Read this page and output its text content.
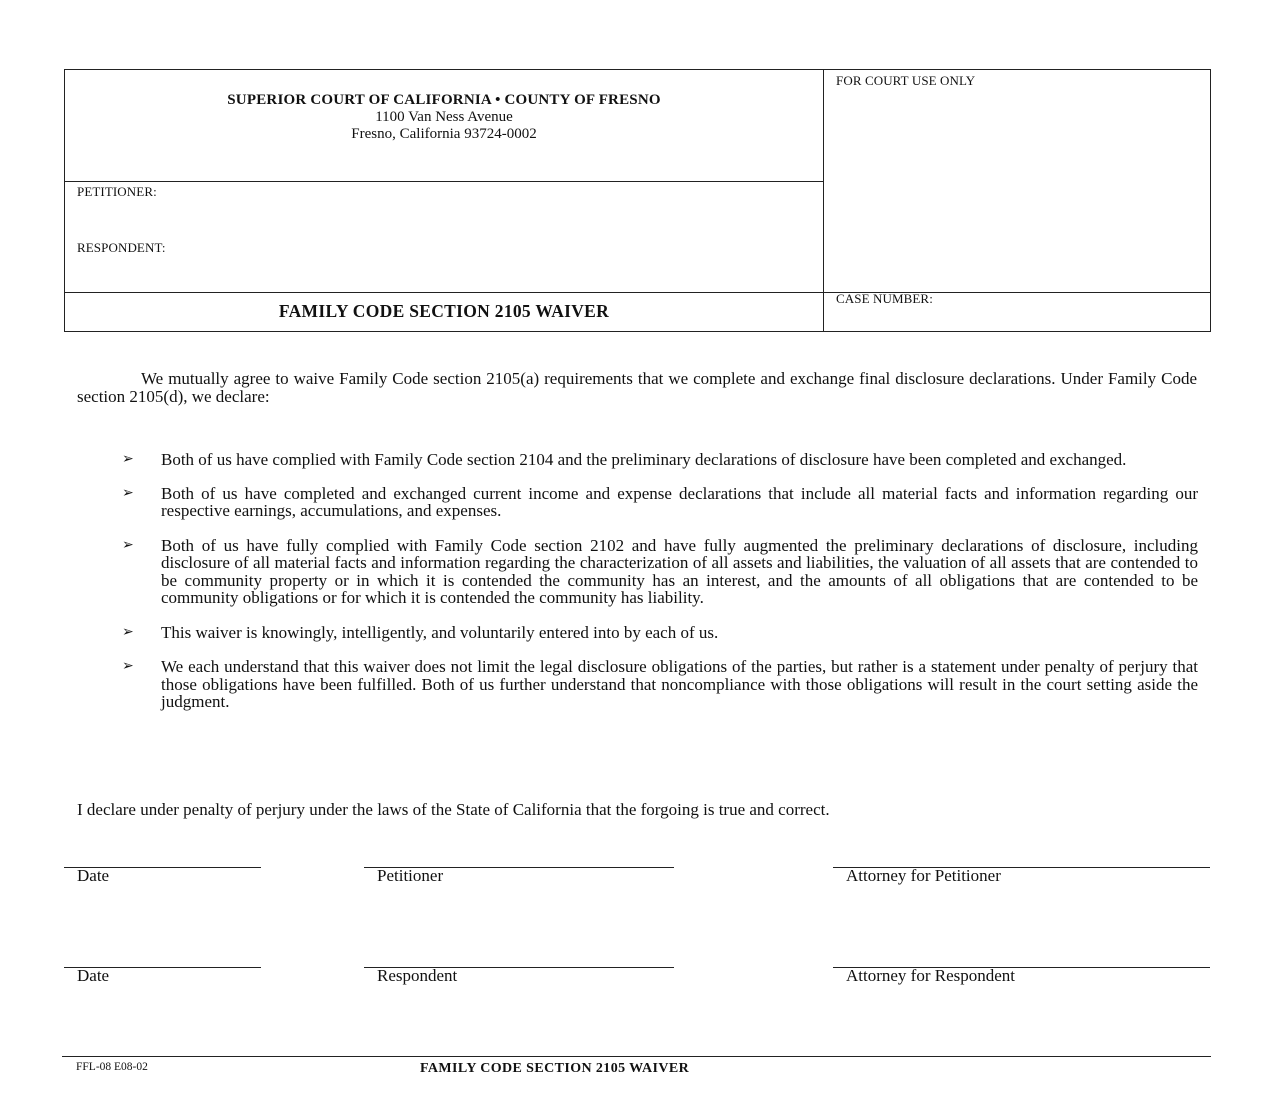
SUPERIOR COURT OF CALIFORNIA • COUNTY OF FRESNO
1100 Van Ness Avenue
Fresno, California 93724-0002
FOR COURT USE ONLY
PETITIONER:
RESPONDENT:
CASE NUMBER:
FAMILY CODE SECTION 2105 WAIVER
We mutually agree to waive Family Code section 2105(a) requirements that we complete and exchange final disclosure declarations. Under Family Code section 2105(d), we declare:
➢	Both of us have complied with Family Code section 2104 and the preliminary declarations of disclosure have been completed and exchanged.
➢	Both of us have completed and exchanged current income and expense declarations that include all material facts and information regarding our respective earnings, accumulations, and expenses.
➢	Both of us have fully complied with Family Code section 2102 and have fully augmented the preliminary declarations of disclosure, including disclosure of all material facts and information regarding the characterization of all assets and liabilities, the valuation of all assets that are contended to be community property or in which it is contended the community has an interest, and the amounts of all obligations that are contended to be community obligations or for which it is contended the community has liability.
➢	This waiver is knowingly, intelligently, and voluntarily entered into by each of us.
➢	We each understand that this waiver does not limit the legal disclosure obligations of the parties, but rather is a statement under penalty of perjury that those obligations have been fulfilled. Both of us further understand that noncompliance with those obligations will result in the court setting aside the judgment.
I declare under penalty of perjury under the laws of the State of California that the forgoing is true and correct.
Date	Petitioner	Attorney for Petitioner
Date	Respondent	Attorney for Respondent
FFL-08 E08-02	FAMILY CODE SECTION 2105 WAIVER
